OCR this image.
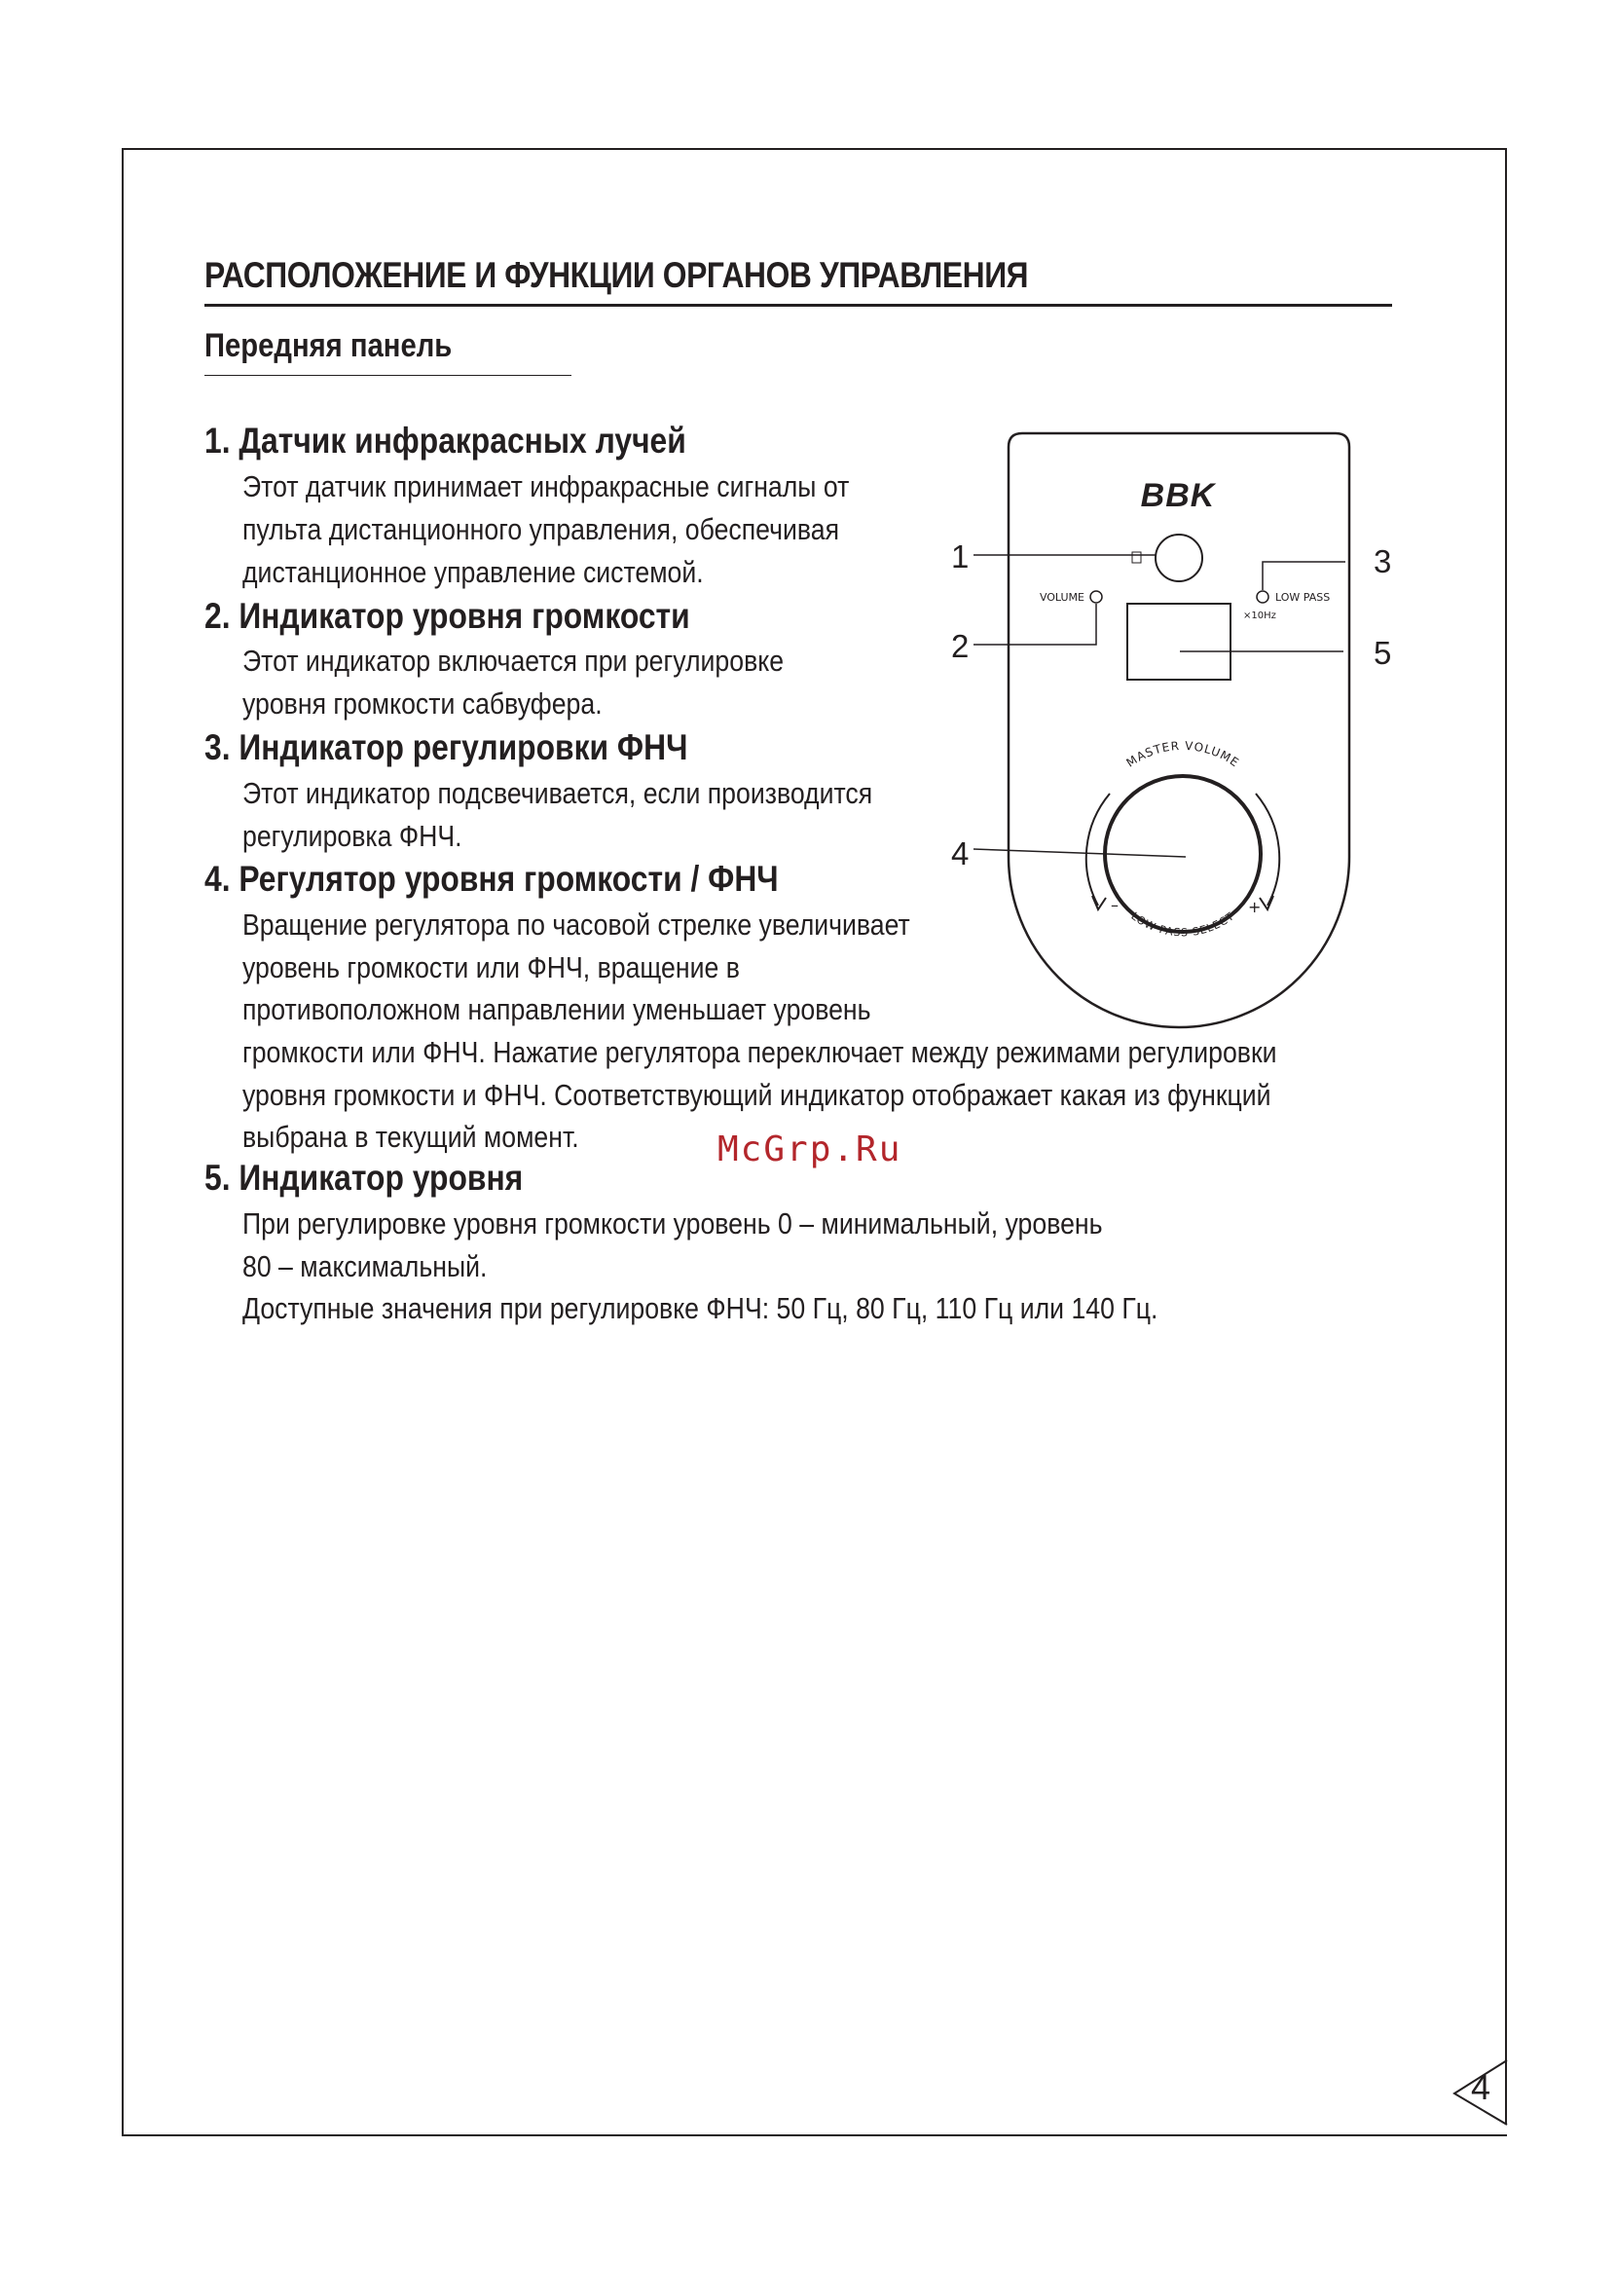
РАСПОЛОЖЕНИЕ И ФУНКЦИИ ОРГАНОВ УПРАВЛЕНИЯ
Передняя панель
1. Датчик инфракрасных лучей

Этот датчик принимает инфракрасные сигналы от

пульта дистанционного управления, обеспечивая

дистанционное управление системой.

2. Индикатор уровня громкости

Этот индикатор включается при регулировке

уровня громкости сабвуфера.

3. Индикатор регулировки ФНЧ

Этот индикатор подсвечивается, если производится

регулировка ФНЧ.

4. Регулятор уровня громкости / ФНЧ

Вращение регулятора по часовой стрелке увеличивает

уровень громкости или ФНЧ, вращение в

противоположном направлении уменьшает уровень

громкости или ФНЧ. Нажатие регулятора переключает между режимами регулировки

уровня громкости и ФНЧ. Соответствующий индикатор отображает какая из функций

выбрана в текущий момент.

5. Индикатор уровня

При регулировке уровня громкости уровень 0 – минимальный, уровень

80 – максимальный.

Доступные значения при регулировке ФНЧ: 50 Гц, 80 Гц, 110 Гц или 140 Гц.

McGrp.Ru
BBK
VOLUME	LOW PASS
×10Hz
MASTER VOLUME
LOW PASS SELECT
–	+
1
2
3
4
5
4
